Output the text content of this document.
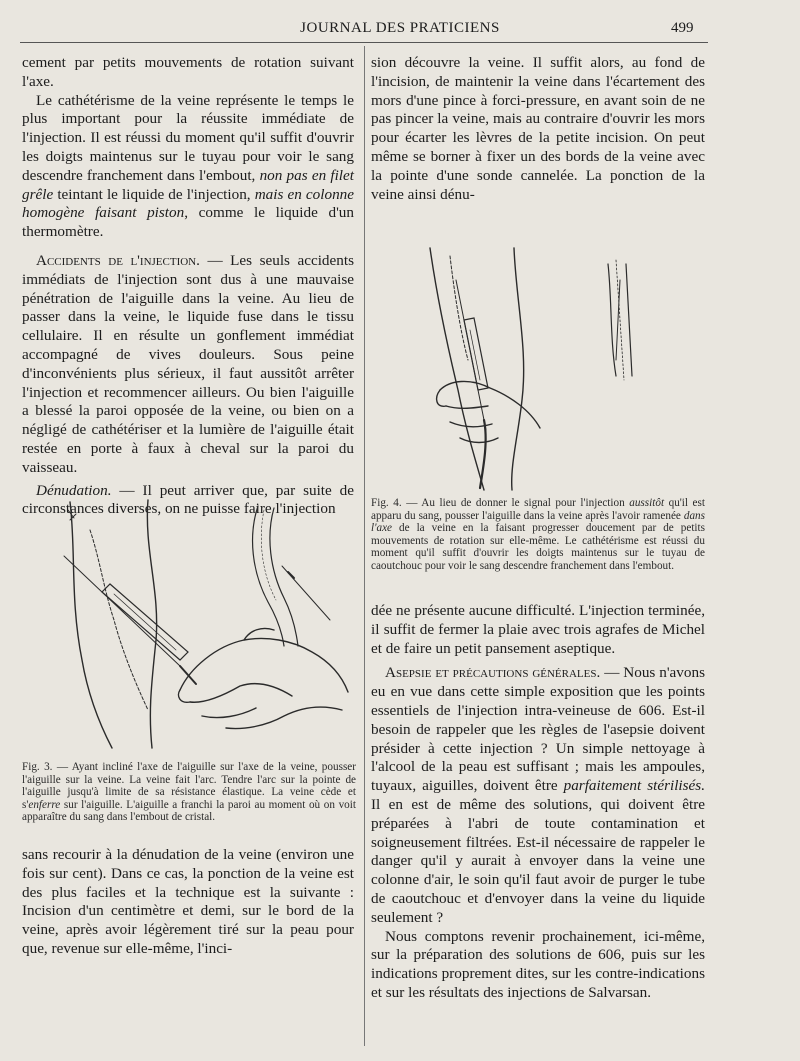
JOURNAL DES PRATICIENS	499

cement par petits mouvements de rotation suivant l'axe.

Le cathétérisme de la veine représente le temps le plus important pour la réussite immédiate de l'injection. Il est réussi du moment qu'il suffit d'ouvrir les doigts maintenus sur le tuyau pour voir le sang descendre franchement dans l'embout, non pas en filet grêle teintant le liquide de l'injection, mais en colonne homogène faisant piston, comme le liquide d'un thermomètre.

Accidents de l'injection. — Les seuls accidents immédiats de l'injection sont dus à une mauvaise pénétration de l'aiguille dans la veine. Au lieu de passer dans la veine, le liquide fuse dans le tissu cellulaire. Il en résulte un gonflement immédiat accompagné de vives douleurs. Sous peine d'inconvénients plus sérieux, il faut aussitôt arrêter l'injection et recommencer ailleurs. Ou bien l'aiguille a blessé la paroi opposée de la veine, ou bien on a négligé de cathétériser et la lumière de l'aiguille était restée en porte à faux à cheval sur la paroi du vaisseau.

Dénudation. — Il peut arriver que, par suite de circonstances diverses, on ne puisse faire l'injection

Fig. 3. — Ayant incliné l'axe de l'aiguille sur l'axe de la veine, pousser l'aiguille sur la veine. La veine fait l'arc. Tendre l'arc sur la pointe de l'aiguille jusqu'à limite de sa résistance élastique. La veine cède et s'enferre sur l'aiguille. L'aiguille a franchi la paroi au moment où on voit apparaître du sang dans l'embout de cristal.

sans recourir à la dénudation de la veine (environ une fois sur cent). Dans ce cas, la ponction de la veine est des plus faciles et la technique est la suivante : Incision d'un centimètre et demi, sur le bord de la veine, après avoir légèrement tiré sur la peau pour que, revenue sur elle-même, l'inci-

sion découvre la veine. Il suffit alors, au fond de l'incision, de maintenir la veine dans l'écartement des mors d'une pince à forci-pressure, en avant soin de ne pas pincer la veine, mais au contraire d'ouvrir les mors pour écarter les lèvres de la petite incision. On peut même se borner à fixer un des bords de la veine avec la pointe d'une sonde cannelée. La ponction de la veine ainsi dénu-

Fig. 4. — Au lieu de donner le signal pour l'injection aussitôt qu'il est apparu du sang, pousser l'aiguille dans la veine après l'avoir ramenée dans l'axe de la veine en la faisant progresser doucement par de petits mouvements de rotation sur elle-même. Le cathétérisme est réussi du moment qu'il suffit d'ouvrir les doigts maintenus sur le tuyau de caoutchouc pour voir le sang descendre franchement dans l'embout.

dée ne présente aucune difficulté. L'injection terminée, il suffit de fermer la plaie avec trois agrafes de Michel et de faire un petit pansement aseptique.

Asepsie et précautions générales. — Nous n'avons eu en vue dans cette simple exposition que les points essentiels de l'injection intra-veineuse de 606. Est-il besoin de rappeler que les règles de l'asepsie doivent présider à cette injection ? Un simple nettoyage à l'alcool de la peau est suffisant ; mais les ampoules, tuyaux, aiguilles, doivent être parfaitement stérilisés. Il en est de même des solutions, qui doivent être préparées à l'abri de toute contamination et soigneusement filtrées. Est-il nécessaire de rappeler le danger qu'il y aurait à envoyer dans la veine une colonne d'air, le soin qu'il faut avoir de purger le tube de caoutchouc et d'envoyer dans la veine du liquide seulement ?

Nous comptons revenir prochainement, ici-même, sur la préparation des solutions de 606, puis sur les indications proprement dites, sur les contre-indications et sur les résultats des injections de Salvarsan.
